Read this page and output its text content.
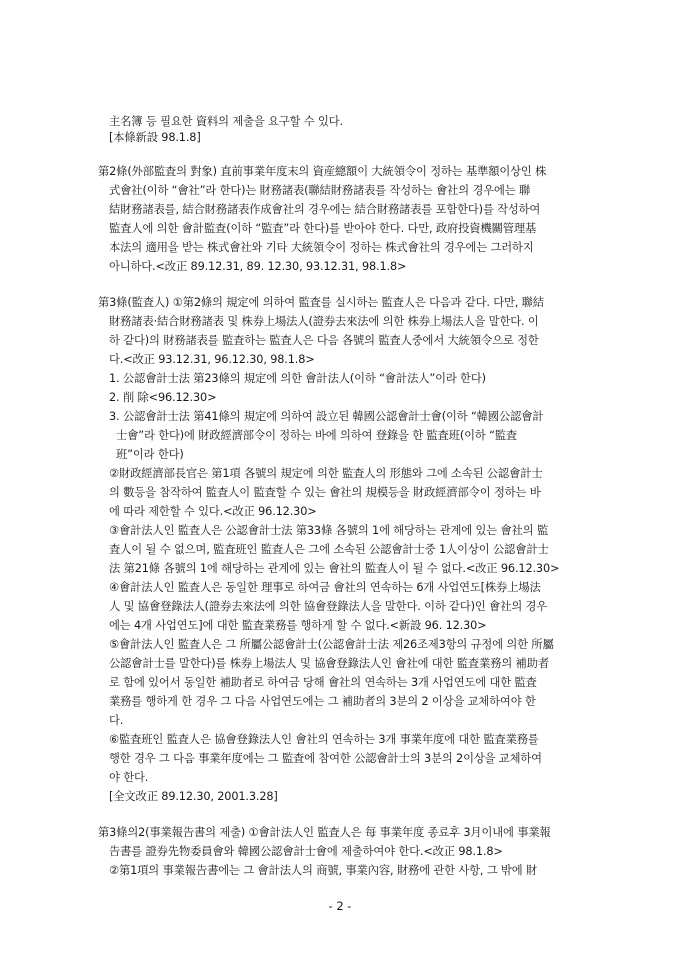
主名簿 등 필요한 資料의 제출을 요구할 수 있다.
[本條新設 98.1.8]
第2條(外部監査의 對象) 直前事業年度末의 資産總額이 大統領令이 정하는 基準額이상인 株
式會社(이하 “會社”라 한다)는 財務諸表(聯結財務諸表를 작성하는 會社의 경우에는 聯
結財務諸表를, 結合財務諸表作成會社의 경우에는 結合財務諸表를 포함한다)를 작성하여
監査人에 의한 會計監査(이하 “監査”라 한다)를 받아야 한다. 다만, 政府投資機關管理基
本法의 適用을 받는 株式會社와 기타 大統領令이 정하는 株式會社의 경우에는 그러하지
아니하다.<改正 89.12.31, 89. 12.30, 93.12.31, 98.1.8>
第3條(監査人) ①第2條의 規定에 의하여 監査를 실시하는 監査人은 다음과 같다. 다만, 聯結
財務諸表·結合財務諸表 및 株券上場法人(證券去來法에 의한 株券上場法人을 말한다. 이
하 같다)의 財務諸表를 監査하는 監査人은 다음 各號의 監査人중에서 大統領令으로 정한
다.<改正 93.12.31, 96.12.30, 98.1.8>
1. 公認會計士法 第23條의 規定에 의한 會計法人(이하 “會計法人”이라 한다)
2. 削 除<96.12.30>
3. 公認會計士法 第41條의 規定에 의하여 設立된 韓國公認會計士會(이하 “韓國公認會計
士會”라 한다)에 財政經濟部令이 정하는 바에 의하여 登錄을 한 監査班(이하 “監査
班”이라 한다)
②財政經濟部長官은 第1項 各號의 規定에 의한 監査人의 形態와 그에 소속된 公認會計士
의 數등을 참작하여 監査人이 監査할 수 있는 會社의 規模등을 財政經濟部令이 정하는 바
에 따라 제한할 수 있다.<改正 96.12.30>
③會計法人인 監査人은 公認會計士法 第33條 各號의 1에 해당하는 관계에 있는 會社의 監
査人이 될 수 없으며, 監査班인 監査人은 그에 소속된 公認會計士중 1人이상이 公認會計士
法 第21條 各號의 1에 해당하는 관계에 있는 會社의 監査人이 될 수 없다.<改正 96.12.30>
④會計法人인 監査人은 동일한 理事로 하여금 會社의 연속하는 6개 사업연도[株券上場法
人 및 協會登錄法人(證券去來法에 의한 協會登錄法人을 말한다. 이하 같다)인 會社의 경우
에는 4개 사업연도]에 대한 監査業務를 행하게 할 수 없다.<新設 96. 12.30>
⑤會計法人인 監査人은 그 所屬公認會計士(公認會計士法 제26조제3항의 규정에 의한 所屬
公認會計士를 말한다)를 株券上場法人 및 協會登錄法人인 會社에 대한 監査業務의 補助者
로 함에 있어서 동일한 補助者로 하여금 당해 會社의 연속하는 3개 사업연도에 대한 監査
業務를 행하게 한 경우 그 다음 사업연도에는 그 補助者의 3분의 2 이상을 교체하여야 한
다.
⑥監査班인 監査人은 協會登錄法人인 會社의 연속하는 3개 事業年度에 대한 監査業務를
행한 경우 그 다음 事業年度에는 그 監査에 참여한 公認會計士의 3분의 2이상을 교체하여
야 한다.
[全文改正 89.12.30, 2001.3.28]
第3條의2(事業報告書의 제출) ①會計法人인 監査人은 每 事業年度 종료후 3月이내에 事業報
告書를 證券先物委員會와 韓國公認會計士會에 제출하여야 한다.<改正 98.1.8>
②第1項의 事業報告書에는 그 會計法人의 商號, 事業內容, 財務에 관한 사항, 그 밖에 財
- 2 -
